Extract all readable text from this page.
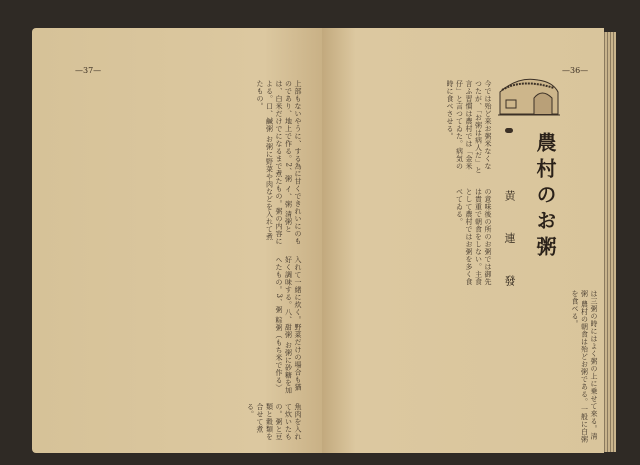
—37—
上部もないやうに、する為に甘くできれいにのものであり、地上で作る。2、粥 イ、粥 清粥とは、白米だけでになるまで煮たもの。粥の内容による。口、鹹粥 お粥に野菜や肉などを入れて煮たもの。
入れて一緒に炊く。野菜だけの場合も猶好く調味する。八、甜粥 お粥に砂糖を加へたもの。3、粥 粽粥（もち米で作る）
魚肉を入れて炊いたもの。粥と豆類と穀類を合せて煮る。
—36—
今では殆ど来お粥米なくなつたが、「お粥は病人だ」と言ふ習慣は農村では「金米仔」と言つてゐた。病気の時に食べさせる。
の意味後の所のお粥では御先は貴重で朝食をしない。主食として農村ではお粥を多く食べてゐる。
は三粥の時にはよく粥の上に乗せて来る。清粥 農村の朝食は殆どお粥である。一般に白粥を食べる。
農村のお粥
黄 連 發
